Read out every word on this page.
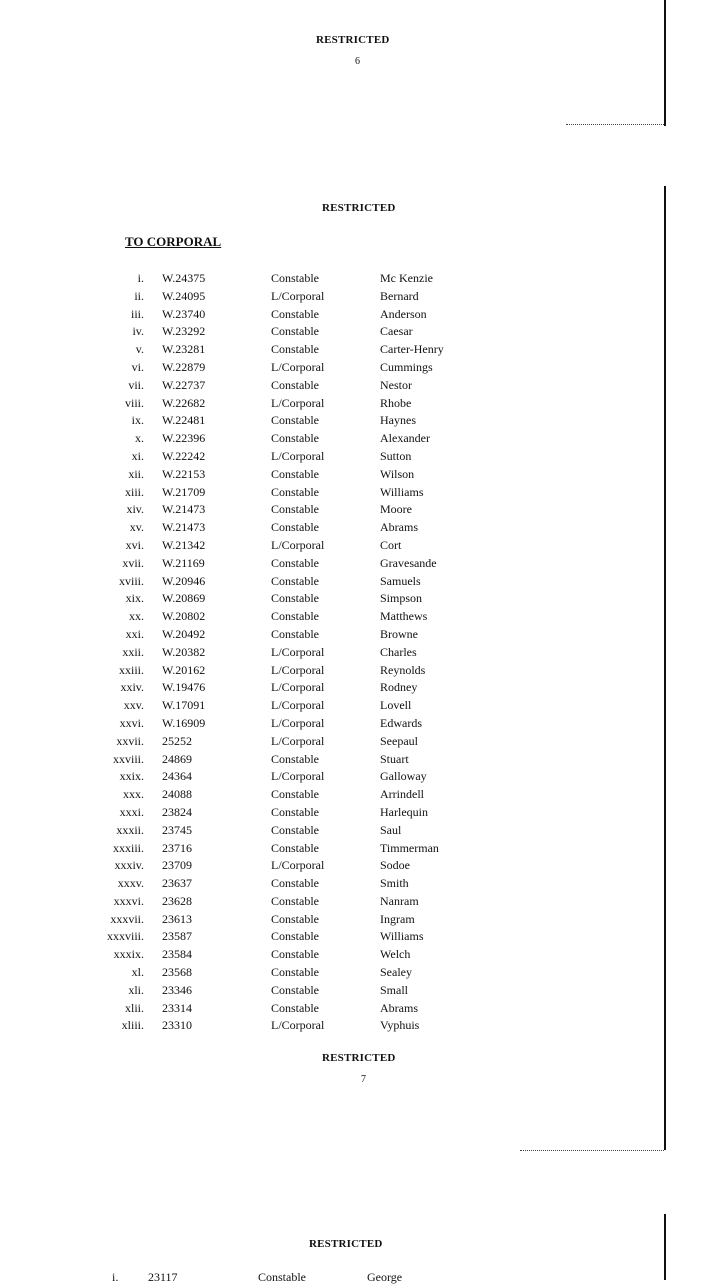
RESTRICTED
6
RESTRICTED
TO CORPORAL
i. W.24375	Constable	Mc Kenzie
ii. W.24095	L/Corporal	Bernard
iii. W.23740	Constable	Anderson
iv. W.23292	Constable	Caesar
v. W.23281	Constable	Carter-Henry
vi. W.22879	L/Corporal	Cummings
vii. W.22737	Constable	Nestor
viii. W.22682	L/Corporal	Rhobe
ix. W.22481	Constable	Haynes
x. W.22396	Constable	Alexander
xi. W.22242	L/Corporal	Sutton
xii. W.22153	Constable	Wilson
xiii. W.21709	Constable	Williams
xiv. W.21473	Constable	Moore
xv. W.21473	Constable	Abrams
xvi. W.21342	L/Corporal	Cort
xvii. W.21169	Constable	Gravesande
xviii. W.20946	Constable	Samuels
xix. W.20869	Constable	Simpson
xx. W.20802	Constable	Matthews
xxi. W.20492	Constable	Browne
xxii. W.20382	L/Corporal	Charles
xxiii. W.20162	L/Corporal	Reynolds
xxiv. W.19476	L/Corporal	Rodney
xxv. W.17091	L/Corporal	Lovell
xxvi. W.16909	L/Corporal	Edwards
xxvii. 25252	L/Corporal	Seepaul
xxviii. 24869	Constable	Stuart
xxix. 24364	L/Corporal	Galloway
xxx. 24088	Constable	Arrindell
xxxi. 23824	Constable	Harlequin
xxxii. 23745	Constable	Saul
xxxiii. 23716	Constable	Timmerman
xxxiv. 23709	L/Corporal	Sodoe
xxxv. 23637	Constable	Smith
xxxvi. 23628	Constable	Nanram
xxxvii. 23613	Constable	Ingram
xxxviii. 23587	Constable	Williams
xxxix. 23584	Constable	Welch
xl. 23568	Constable	Sealey
xli. 23346	Constable	Small
xlii. 23314	Constable	Abrams
xliii. 23310	L/Corporal	Vyphuis
RESTRICTED
7
RESTRICTED
i. 23117	Constable	George
